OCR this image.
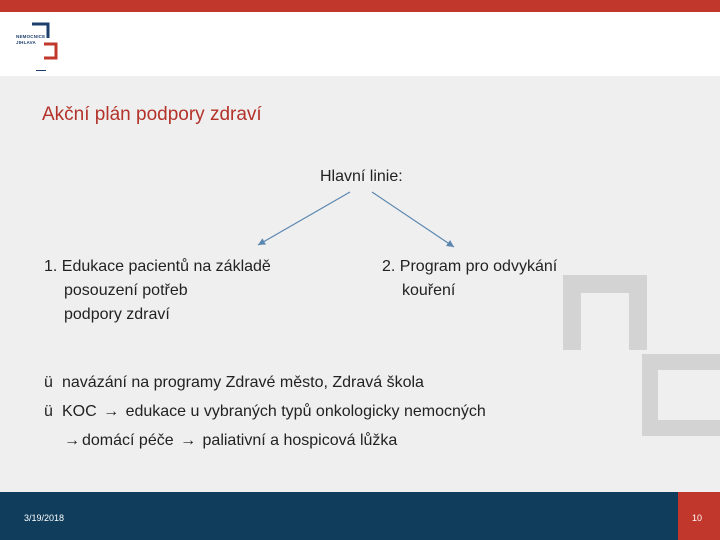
NEMOCNICE
JIHLAVA
Akční plán podpory zdraví
Hlavní linie:
1. Edukace pacientů na základě
posouzení potřeb
podpory zdraví
2. Program pro odvykání
kouření
ü navázání na programy Zdravé město, Zdravá škola
ü KOC → edukace u vybraných typů onkologicky nemocných
→ domácí péče → paliativní a hospicová lůžka
3/19/2018	10
